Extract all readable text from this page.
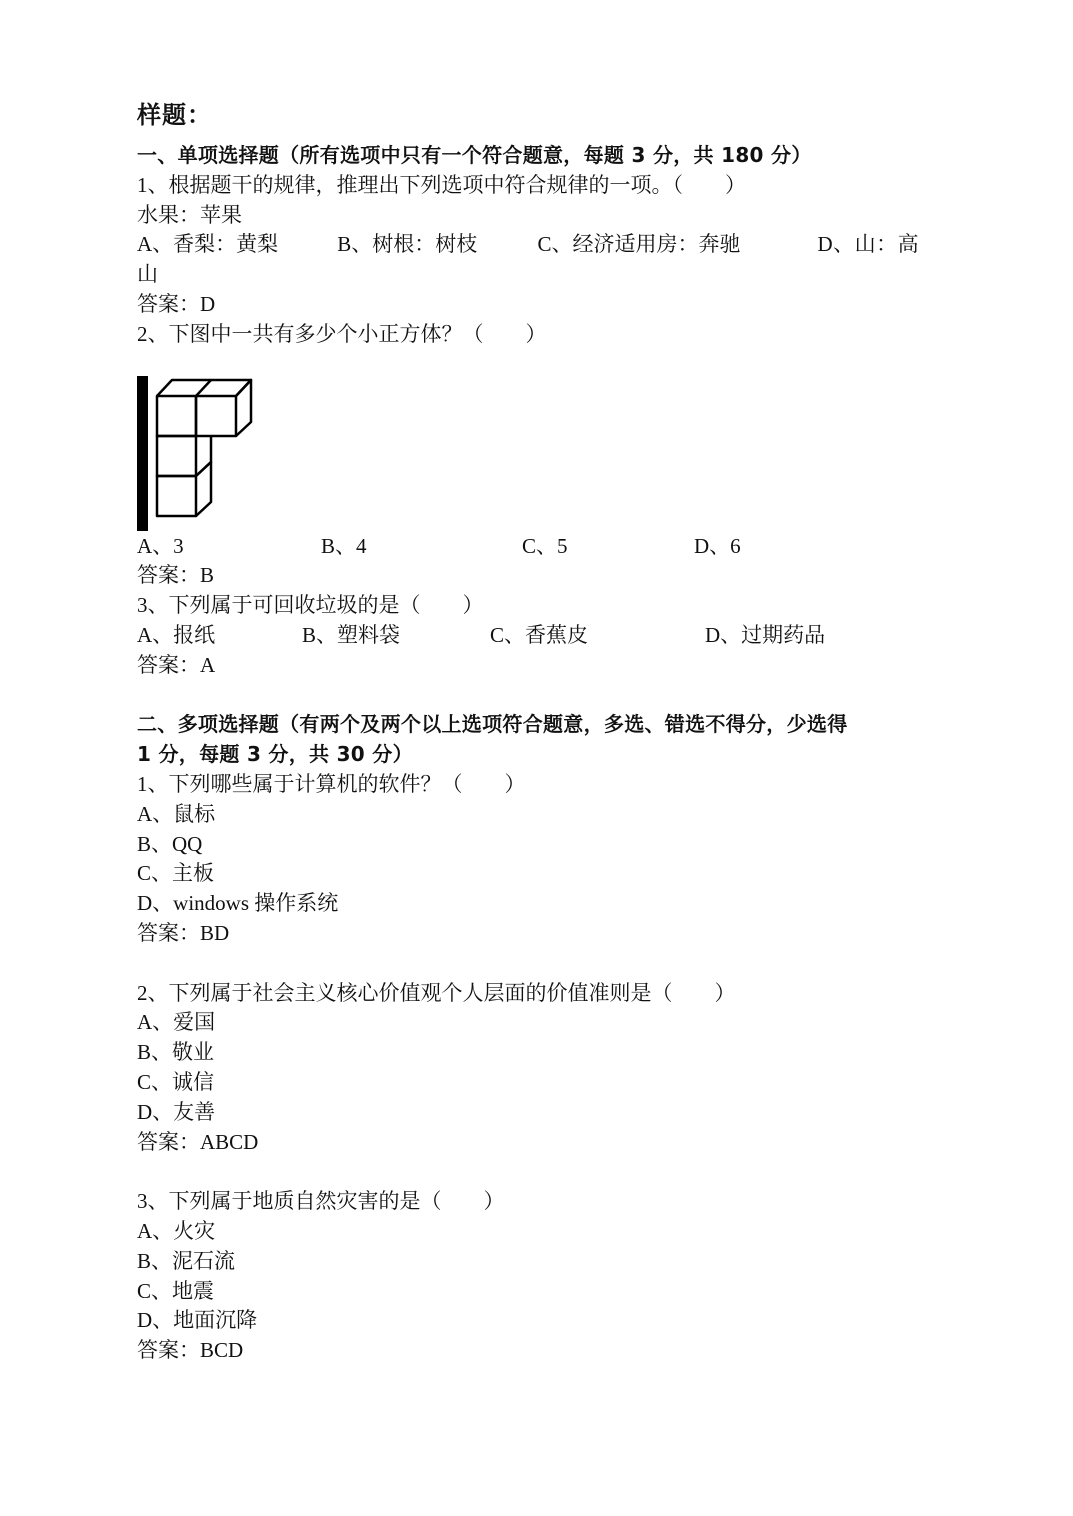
样题：
一、单项选择题（所有选项中只有一个符合题意，每题 3 分，共 180 分）
1、根据题干的规律，推理出下列选项中符合规律的一项。（　　）
水果：苹果
A、香梨：黄梨	B、树根：树枝	C、经济适用房：奔驰	D、山：高
山
答案：D
2、下图中一共有多少个小正方体？（　　）
A、3	B、4	C、5	D、6
答案：B
3、下列属于可回收垃圾的是（　　）
A、报纸	B、塑料袋	C、香蕉皮	D、过期药品
答案：A
二、多项选择题（有两个及两个以上选项符合题意，多选、错选不得分，少选得
1 分，每题 3 分，共 30 分）
1、下列哪些属于计算机的软件？（　　）
A、鼠标
B、QQ
C、主板
D、windows 操作系统
答案：BD
2、下列属于社会主义核心价值观个人层面的价值准则是（　　）
A、爱国
B、敬业
C、诚信
D、友善
答案：ABCD
3、下列属于地质自然灾害的是（　　）
A、火灾
B、泥石流
C、地震
D、地面沉降
答案：BCD
